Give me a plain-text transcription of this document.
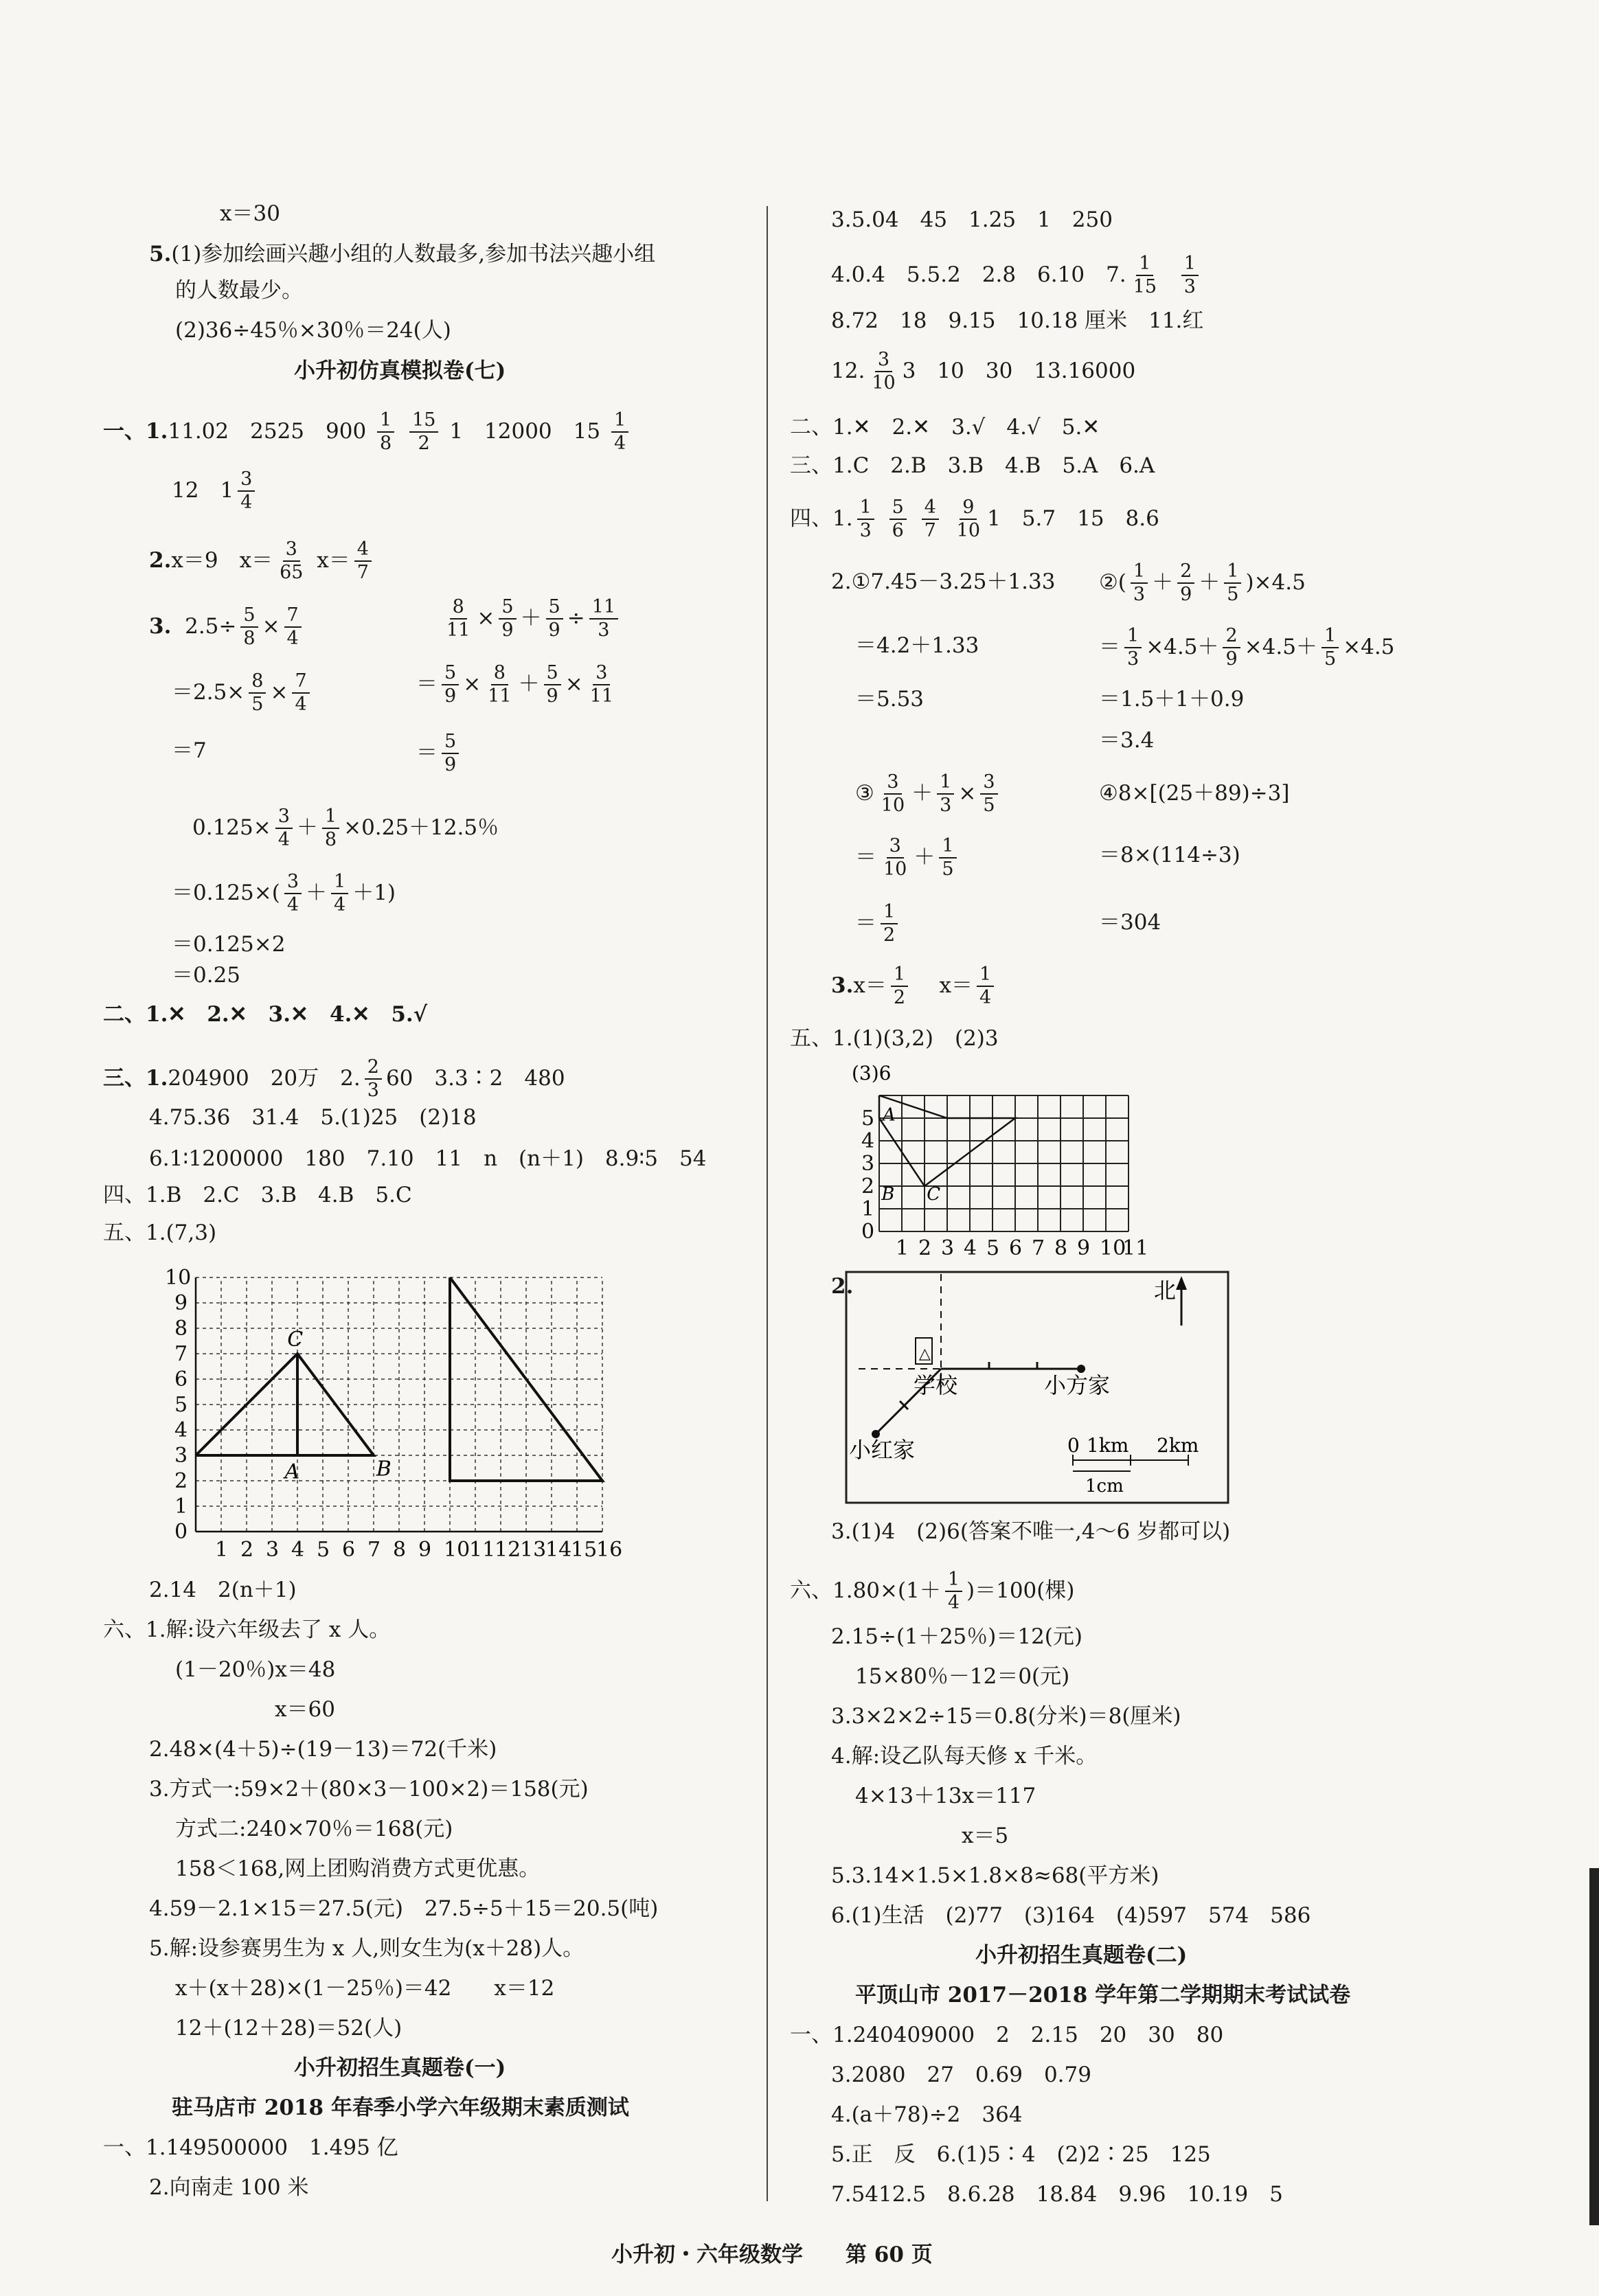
x＝30
5.(1)参加绘画兴趣小组的人数最多,参加书法兴趣小组
的人数最少。
(2)36÷45％×30％＝24(人)
小升初仿真模拟卷(七)
一、1.11.02　2525　$900 \frac{1}{8}$
$\frac{15}{2} 1$　12000　$15 \frac{1}{4}$
12　$1 \frac{3}{4}$
2.x＝9　$x= \frac{3}{65} x= \frac{4}{7}$
3. $2.5\div \frac{5}{8} \times \frac{7}{4}$	$\frac{8}{11} \times \frac{5}{9} + \frac{5}{9} \div \frac{11}{3}$
$=2.5\times \frac{8}{5} \times \frac{7}{4}$	＝ $\frac{5}{9} \times \frac{8}{11} + \frac{5}{9} \times \frac{3}{11}$
＝7	＝ $\frac{5}{9}$
$0.125\times \frac{3}{4} + \frac{1}{8} \times 0.25+12.5$％
$=0.125\times( \frac{3}{4} + \frac{1}{4} +1)$
＝0.125×2
＝0.25
二、1.✕　2.✕　3.✕　4.✕　5.√
三、1.204900　20万　2. $\frac{2}{3} 60$　3.3∶2　480
4.75.36　31.4　5.(1)25　(2)18
6.1∶1200000　180　7.10　11　n　(n＋1)　8.9∶5　54
四、1.B　2.C　3.B　4.B　5.C
五、1.(7,3)
1 2 3 4 5 6 7 8 9 10
11
12
13
14
15
16
0
1
2
3
4
5
6
7
8
9
10
C
A	B
2.14　2(n＋1)
六、1.解:设六年级去了 x 人。
(1－20％)x＝48
x＝60
2.48×(4＋5)÷(19－13)＝72(千米)
3.方式一:59×2＋(80×3－100×2)＝158(元)
方式二:240×70％＝168(元)
158＜168,网上团购消费方式更优惠。
4.59－2.1×15＝27.5(元)　27.5÷5＋15＝20.5(吨)
5.解:设参赛男生为 x 人,则女生为(x＋28)人。
x＋(x＋28)×(1－25％)＝42　　x＝12
12＋(12＋28)＝52(人)
小升初招生真题卷(一)
驻马店市 2018 年春季小学六年级期末素质测试
一、1.149500000　1.495 亿
2.向南走 100 米
3.5.04　45　1.25　1　250
4.0.4　5.5.2　2.8　6.10　7. $\frac{1}{15}$
$\frac{1}{3}$
8.72　18　9.15　10.18 厘米　11.红
12. $\frac{3}{10} 3$　10　30　13.16000
二、1.✕　2.✕　3.√　4.√　5.✕
三、1.C　2.B　3.B　4.B　5.A　6.A
四、1. $\frac{1}{3}$
$\frac{5}{6}$
$\frac{4}{7}$
$\frac{9}{10} 1$　5.7　15　8.6
2.①7.45－3.25＋1.33 ②( $\frac{1}{3} + \frac{2}{9} + \frac{1}{5} )\times 4.5$
＝4.2＋1.33	＝ $\frac{1}{3} \times 4.5+ \frac{2}{9} \times 4.5+ \frac{1}{5} \times 4.5$
＝5.53	＝1.5＋1＋0.9
＝3.4
③ $\frac{3}{10} + \frac{1}{3} \times \frac{3}{5}$	④8×[(25＋89)÷3]
＝ $\frac{3}{10} + \frac{1}{5}$	＝8×(114÷3)
＝ $\frac{1}{2}$	＝304
$3.x= \frac{1}{2} x= \frac{1}{4}$
五、1.(1)(3,2)　(2)3
1 2 3 4 5 6 7 8 9 10
11
0
1
2
3
4
5
(3)6
A
B C
2.	北
△
学校	小方家
小红家	0 1km 2km
1cm
3.(1)4　(2)6(答案不唯一,4～6 岁都可以)
六、$1.80\times(1+ \frac{1}{4} )=100$(棵)
2.15÷(1＋25％)＝12(元)
15×80％－12＝0(元)
3.3×2×2÷15＝0.8(分米)＝8(厘米)
4.解:设乙队每天修 x 千米。
4×13＋13x＝117
x＝5
5.3.14×1.5×1.8×8≈68(平方米)
6.(1)生活　(2)77　(3)164　(4)597　574　586
小升初招生真题卷(二)
平顶山市 2017－2018 学年第二学期期末考试试卷
一、1.240409000　2　2.15　20　30　80
3.2080　27　0.69　0.79
4.(a＋78)÷2　364
5.正　反　6.(1)5∶4　(2)2∶25　125
7.5412.5　8.6.28　18.84　9.96　10.19　5
小升初・六年级数学　　第 60 页
